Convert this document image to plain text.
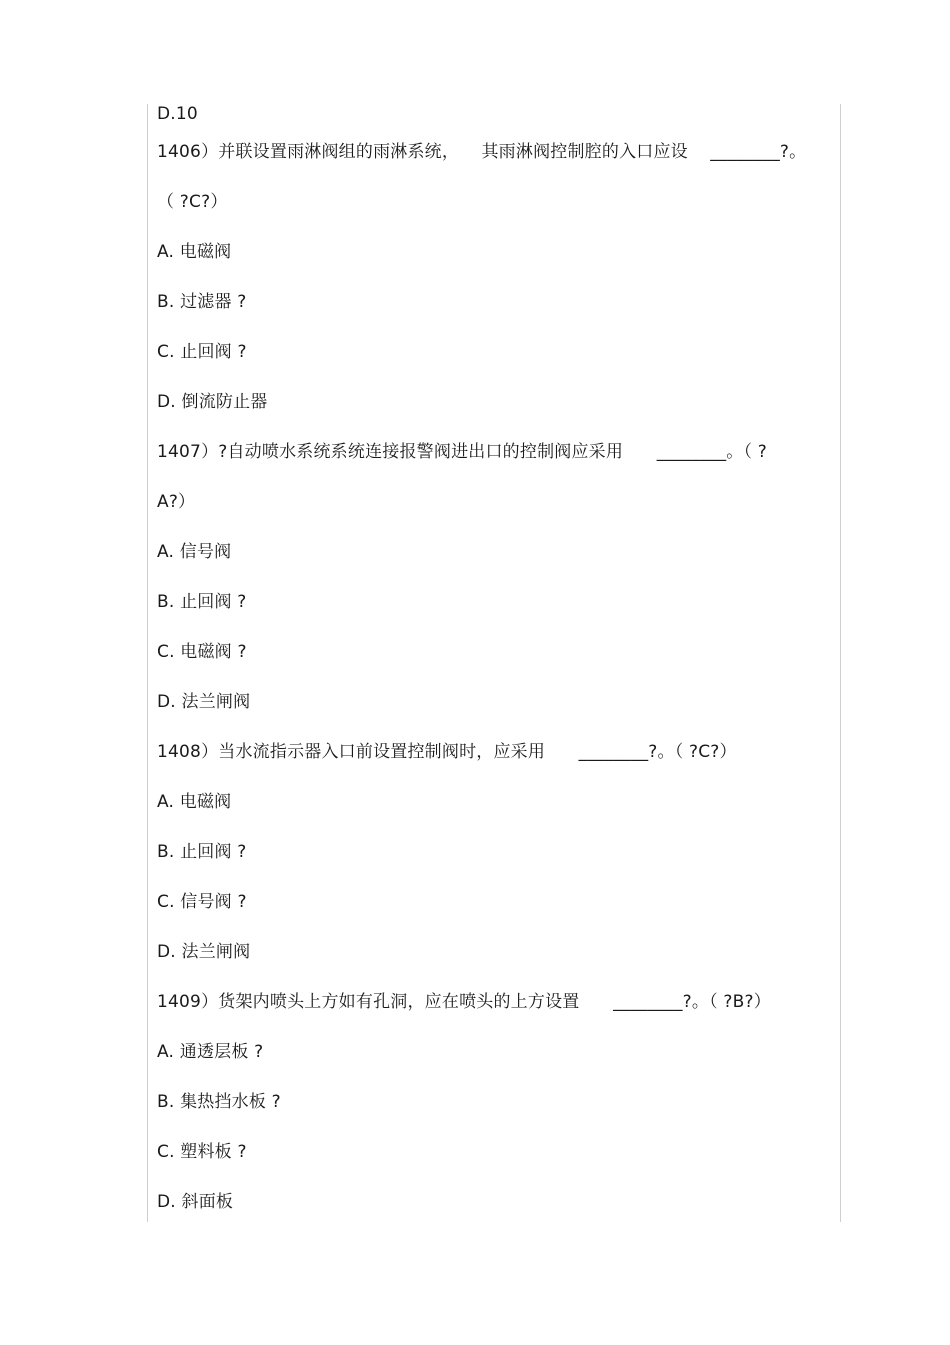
D.10
1406）并联设置雨淋阀组的雨淋系统，    其雨淋阀控制腔的入口应设    ________?。
（ ?C?）
A. 电磁阀
B. 过滤器 ?
C. 止回阀 ?
D. 倒流防止器
1407）?自动喷水系统系统连接报警阀进出口的控制阀应采用      ________。（ ?
A?）
A. 信号阀
B. 止回阀 ?
C. 电磁阀 ?
D. 法兰闸阀
1408）当水流指示器入口前设置控制阀时，应采用      ________?。（ ?C?）
A. 电磁阀
B. 止回阀 ?
C. 信号阀 ?
D. 法兰闸阀
1409）货架内喷头上方如有孔洞，应在喷头的上方设置      ________?。（ ?B?）
A. 通透层板 ?
B. 集热挡水板 ?
C. 塑料板 ?
D. 斜面板
